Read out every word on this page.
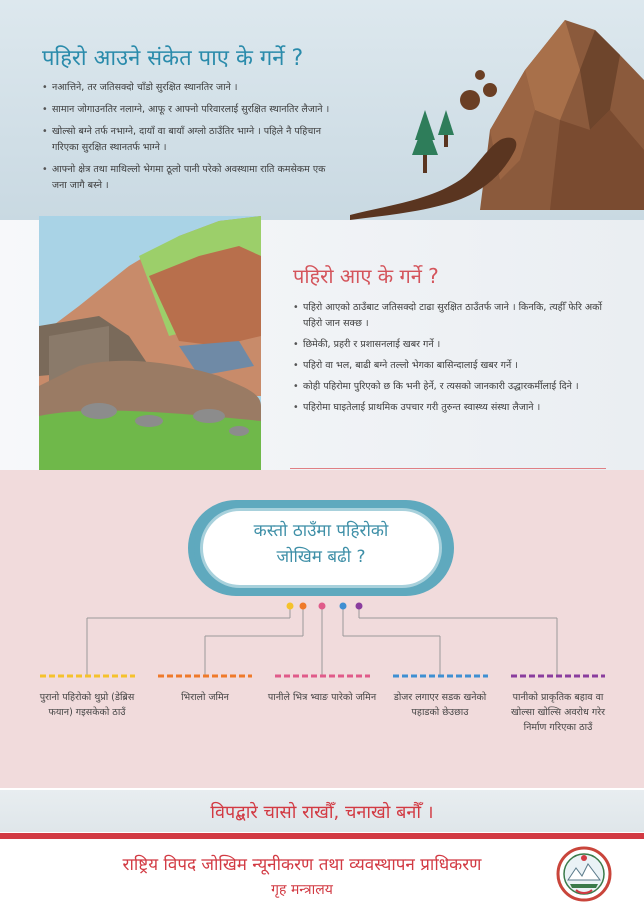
पहिरो आउने संकेत पाए के गर्ने ?
• नआत्तिने, तर जतिसक्दो चाँडो सुरक्षित स्थानतिर जाने ।
• सामान जोगाउनतिर नलाग्ने, आफू र आफ्नो परिवारलाई सुरक्षित स्थानतिर लैजाने ।
• खोल्सो बग्ने तर्फ नभाग्ने, दायाँ वा बायाँ अग्लो ठाउँतिर भाग्ने । पहिले नै पहिचान गरिएका सुरक्षित स्थानतर्फ भाग्ने ।
• आफ्नो क्षेत्र तथा माथिल्लो भेगमा ठूलो पानी परेको अवस्थामा राति कमसेकम एक जना जागै बस्ने ।
पहिरो आए के गर्ने ?
• पहिरो आएको ठाउँबाट जतिसक्दो टाढा सुरक्षित ठाउँतर्फ जाने । किनकि, त्यहीँ फेरि अर्को पहिरो जान सक्छ ।
• छिमेकी, प्रहरी र प्रशासनलाई खबर गर्ने ।
• पहिरो वा भल, बाढी बग्ने तल्लो भेगका बासिन्दालाई खबर गर्ने ।
• कोही पहिरोमा पुरिएको छ कि भनी हेर्ने, र त्यसको जानकारी उद्धारकर्मीलाई दिने ।
• पहिरोमा घाइतेलाई प्राथमिक उपचार गरी तुरुन्त स्वास्थ्य संस्था लैजाने ।
कस्तो ठाउँमा पहिरोको
जोखिम बढी ?
पुरानो पहिरोको थुप्रो (डेब्रिस फयान) गइसकेको ठाउँ
भिरालो जमिन	पानीले भित्र भ्वाङ पारेको जमिन	डोजर लगाएर सडक खनेको पहाडको छेउछाउ
पानीको प्राकृतिक बहाव वा खोल्सा खोल्सि अवरोध गरेर निर्माण गरिएका ठाउँ
विपद्बारे चासो राखौँ, चनाखो बनौँ ।
राष्ट्रिय विपद जोखिम न्यूनीकरण तथा व्यवस्थापन प्राधिकरण
गृह मन्त्रालय
